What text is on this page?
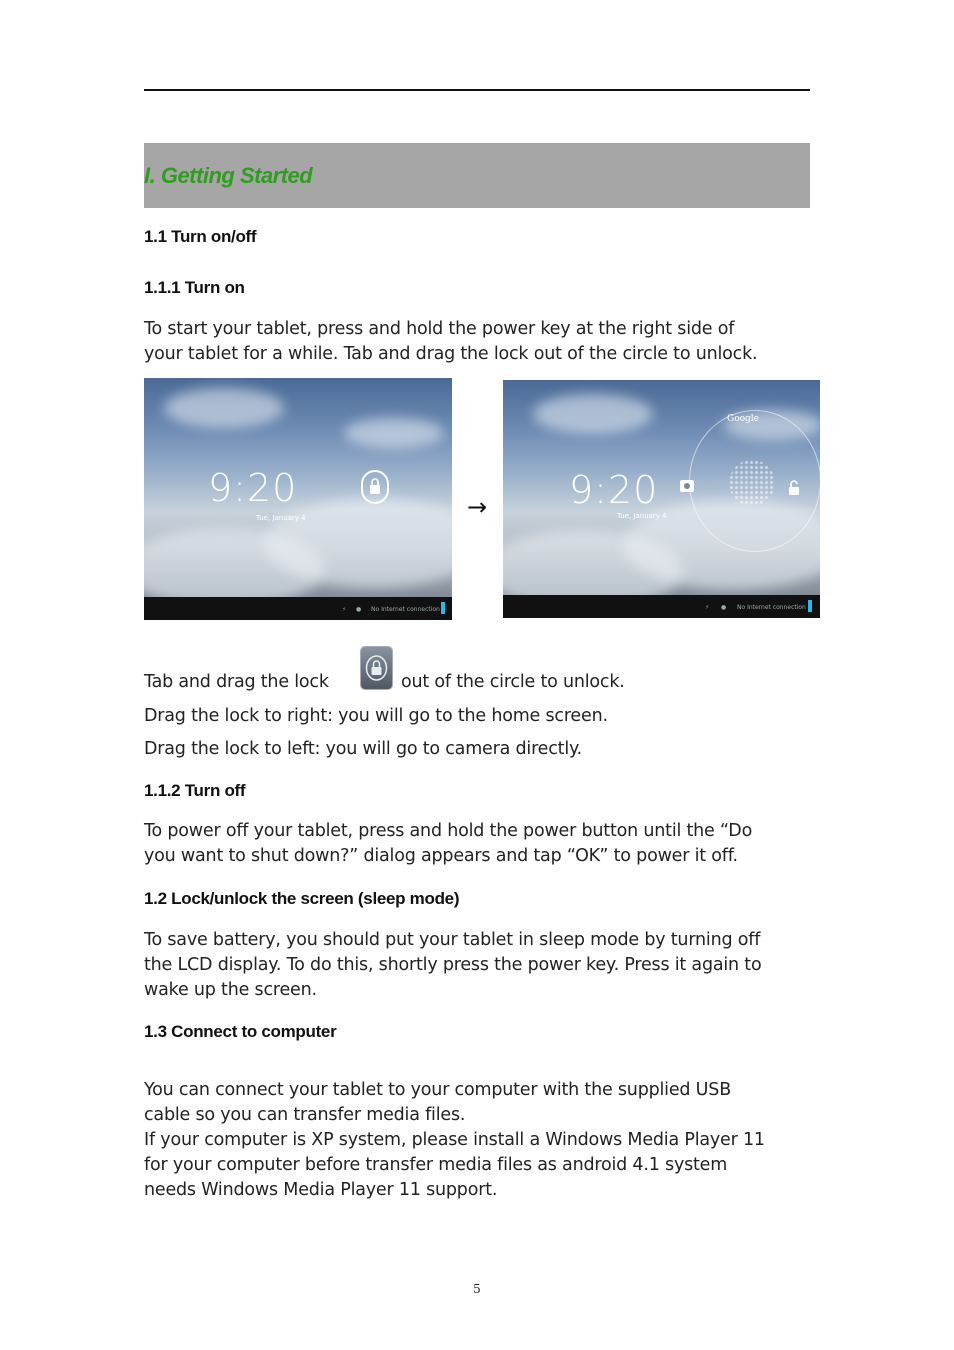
I. Getting Started
1.1 Turn on/off
1.1.1 Turn on
To start your tablet, press and hold the power key at the right side of
your tablet for a while. Tab and drag the lock out of the circle to unlock.
9:20
Tue, January 4
⚡ ● No Internet connection
→
Google
9:20
Tue, January 4
⚡ ● No Internet connection
Tab and drag the lock	out of the circle to unlock.
Drag the lock to right: you will go to the home screen.
Drag the lock to left: you will go to camera directly.
1.1.2 Turn off
To power off your tablet, press and hold the power button until the “Do
you want to shut down?” dialog appears and tap “OK” to power it off.
1.2 Lock/unlock the screen (sleep mode)
To save battery, you should put your tablet in sleep mode by turning off
the LCD display. To do this, shortly press the power key. Press it again to
wake up the screen.
1.3 Connect to computer
You can connect your tablet to your computer with the supplied USB
cable so you can transfer media files.
If your computer is XP system, please install a Windows Media Player 11
for your computer before transfer media files as android 4.1 system
needs Windows Media Player 11 support.
5
